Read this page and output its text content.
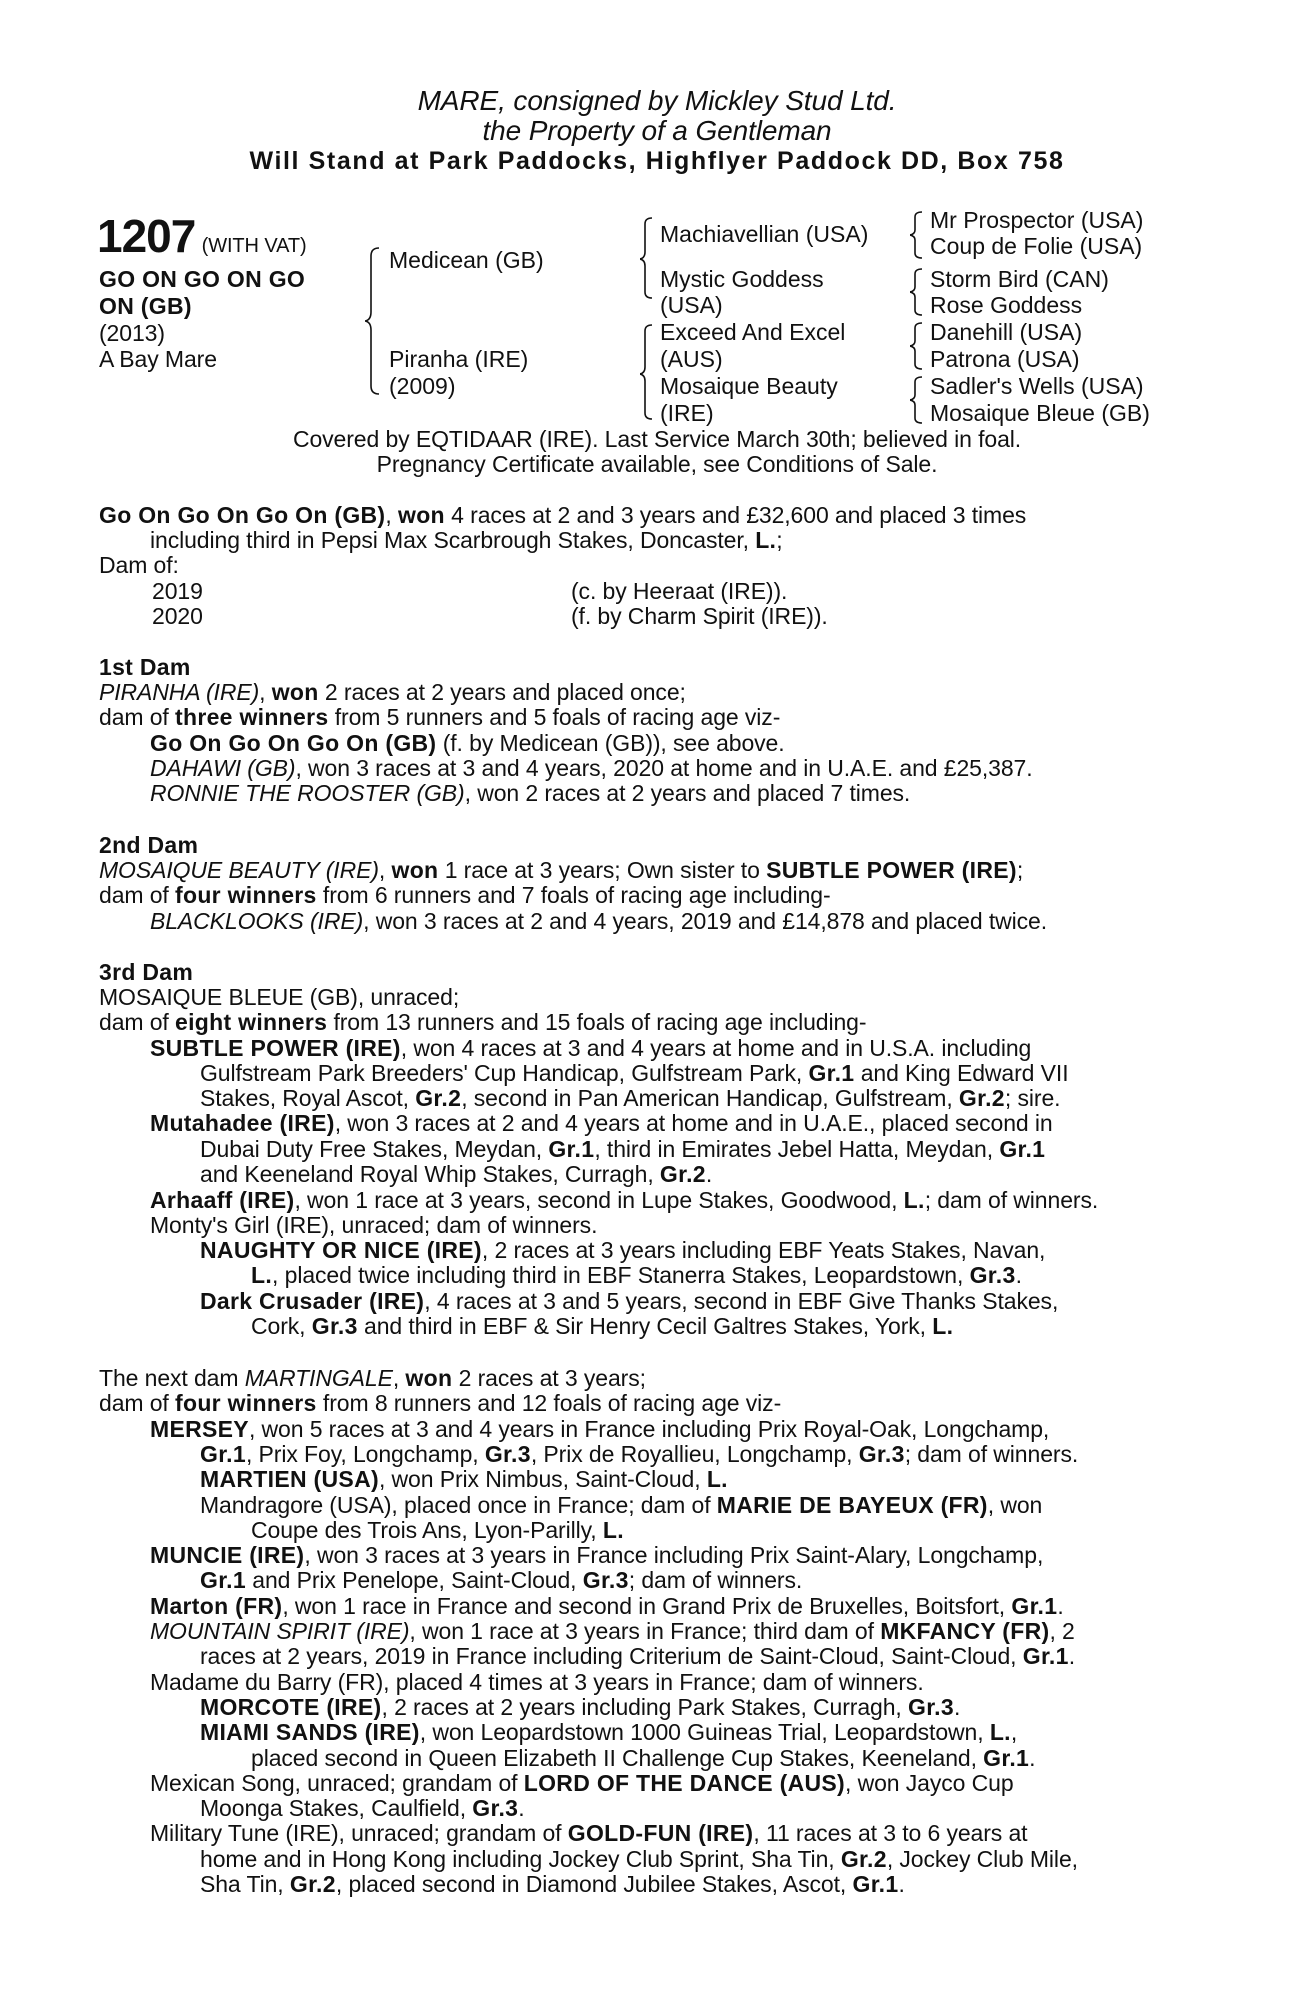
MARE, consigned by Mickley Stud Ltd.
the Property of a Gentleman
Will Stand at Park Paddocks, Highflyer Paddock DD, Box 758
1207 (WITH VAT)
GO ON GO ON GO
ON (GB)
(2013)
A Bay Mare
Medicean (GB)
Piranha (IRE)
(2009)
Machiavellian (USA)
Mystic Goddess
(USA)
Exceed And Excel
(AUS)
Mosaique Beauty
(IRE)
Mr Prospector (USA)
Coup de Folie (USA)
Storm Bird (CAN)
Rose Goddess
Danehill (USA)
Patrona (USA)
Sadler's Wells (USA)
Mosaique Bleue (GB)
Covered by EQTIDAAR (IRE). Last Service March 30th; believed in foal.
Pregnancy Certificate available, see Conditions of Sale.
Go On Go On Go On (GB), won 4 races at 2 and 3 years and £32,600 and placed 3 times
including third in Pepsi Max Scarbrough Stakes, Doncaster, L.;
Dam of:
2019	(c. by Heeraat (IRE)).
2020	(f. by Charm Spirit (IRE)).
1st Dam
PIRANHA (IRE), won 2 races at 2 years and placed once;
dam of three winners from 5 runners and 5 foals of racing age viz-
Go On Go On Go On (GB) (f. by Medicean (GB)), see above.
DAHAWI (GB), won 3 races at 3 and 4 years, 2020 at home and in U.A.E. and £25,387.
RONNIE THE ROOSTER (GB), won 2 races at 2 years and placed 7 times.
2nd Dam
MOSAIQUE BEAUTY (IRE), won 1 race at 3 years; Own sister to SUBTLE POWER (IRE);
dam of four winners from 6 runners and 7 foals of racing age including-
BLACKLOOKS (IRE), won 3 races at 2 and 4 years, 2019 and £14,878 and placed twice.
3rd Dam
MOSAIQUE BLEUE (GB), unraced;
dam of eight winners from 13 runners and 15 foals of racing age including-
SUBTLE POWER (IRE), won 4 races at 3 and 4 years at home and in U.S.A. including
Gulfstream Park Breeders' Cup Handicap, Gulfstream Park, Gr.1 and King Edward VII
Stakes, Royal Ascot, Gr.2, second in Pan American Handicap, Gulfstream, Gr.2; sire.
Mutahadee (IRE), won 3 races at 2 and 4 years at home and in U.A.E., placed second in
Dubai Duty Free Stakes, Meydan, Gr.1, third in Emirates Jebel Hatta, Meydan, Gr.1
and Keeneland Royal Whip Stakes, Curragh, Gr.2.
Arhaaff (IRE), won 1 race at 3 years, second in Lupe Stakes, Goodwood, L.; dam of winners.
Monty's Girl (IRE), unraced; dam of winners.
NAUGHTY OR NICE (IRE), 2 races at 3 years including EBF Yeats Stakes, Navan,
L., placed twice including third in EBF Stanerra Stakes, Leopardstown, Gr.3.
Dark Crusader (IRE), 4 races at 3 and 5 years, second in EBF Give Thanks Stakes,
Cork, Gr.3 and third in EBF & Sir Henry Cecil Galtres Stakes, York, L.
The next dam MARTINGALE, won 2 races at 3 years;
dam of four winners from 8 runners and 12 foals of racing age viz-
MERSEY, won 5 races at 3 and 4 years in France including Prix Royal-Oak, Longchamp,
Gr.1, Prix Foy, Longchamp, Gr.3, Prix de Royallieu, Longchamp, Gr.3; dam of winners.
MARTIEN (USA), won Prix Nimbus, Saint-Cloud, L.
Mandragore (USA), placed once in France; dam of MARIE DE BAYEUX (FR), won
Coupe des Trois Ans, Lyon-Parilly, L.
MUNCIE (IRE), won 3 races at 3 years in France including Prix Saint-Alary, Longchamp,
Gr.1 and Prix Penelope, Saint-Cloud, Gr.3; dam of winners.
Marton (FR), won 1 race in France and second in Grand Prix de Bruxelles, Boitsfort, Gr.1.
MOUNTAIN SPIRIT (IRE), won 1 race at 3 years in France; third dam of MKFANCY (FR), 2
races at 2 years, 2019 in France including Criterium de Saint-Cloud, Saint-Cloud, Gr.1.
Madame du Barry (FR), placed 4 times at 3 years in France; dam of winners.
MORCOTE (IRE), 2 races at 2 years including Park Stakes, Curragh, Gr.3.
MIAMI SANDS (IRE), won Leopardstown 1000 Guineas Trial, Leopardstown, L.,
placed second in Queen Elizabeth II Challenge Cup Stakes, Keeneland, Gr.1.
Mexican Song, unraced; grandam of LORD OF THE DANCE (AUS), won Jayco Cup
Moonga Stakes, Caulfield, Gr.3.
Military Tune (IRE), unraced; grandam of GOLD-FUN (IRE), 11 races at 3 to 6 years at
home and in Hong Kong including Jockey Club Sprint, Sha Tin, Gr.2, Jockey Club Mile,
Sha Tin, Gr.2, placed second in Diamond Jubilee Stakes, Ascot, Gr.1.
